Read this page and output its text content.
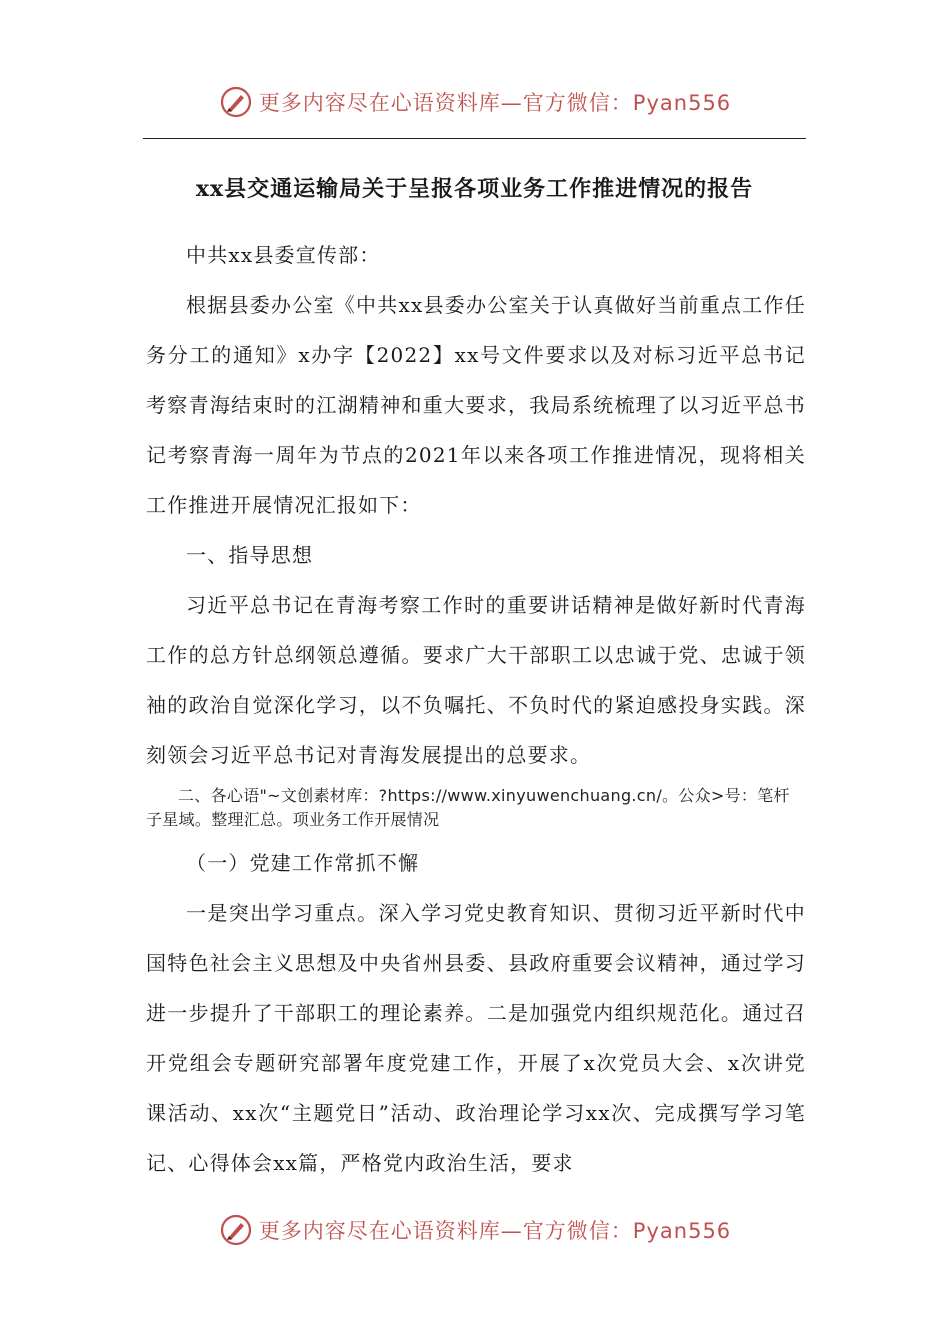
更多内容尽在心语资料库—官方微信：Pyan556
xx县交通运输局关于呈报各项业务工作推进情况的报告

中共xx县委宣传部：

根据县委办公室《中共xx县委办公室关于认真做好当前重点工作任务分工的通知》x办字【2022】xx号文件要求以及对标习近平总书记考察青海结束时的江湖精神和重大要求，我局系统梳理了以习近平总书记考察青海一周年为节点的2021年以来各项工作推进情况，现将相关工作推进开展情况汇报如下：

一、指导思想

习近平总书记在青海考察工作时的重要讲话精神是做好新时代青海工作的总方针总纲领总遵循。要求广大干部职工以忠诚于党、忠诚于领袖的政治自觉深化学习，以不负嘱托、不负时代的紧迫感投身实践。深刻领会习近平总书记对青海发展提出的总要求。

二、各心语"~文创素材库：?https://www.xinyuwenchuang.cn/。公众>号：笔杆子星域。整理汇总。项业务工作开展情况

（一）党建工作常抓不懈

一是突出学习重点。深入学习党史教育知识、贯彻习近平新时代中国特色社会主义思想及中央省州县委、县政府重要会议精神，通过学习进一步提升了干部职工的理论素养。二是加强党内组织规范化。通过召开党组会专题研究部署年度党建工作，开展了x次党员大会、x次讲党课活动、xx次“主题党日”活动、政治理论学习xx次、完成撰写学习笔记、心得体会xx篇，严格党内政治生活，要求

更多内容尽在心语资料库—官方微信：Pyan556
